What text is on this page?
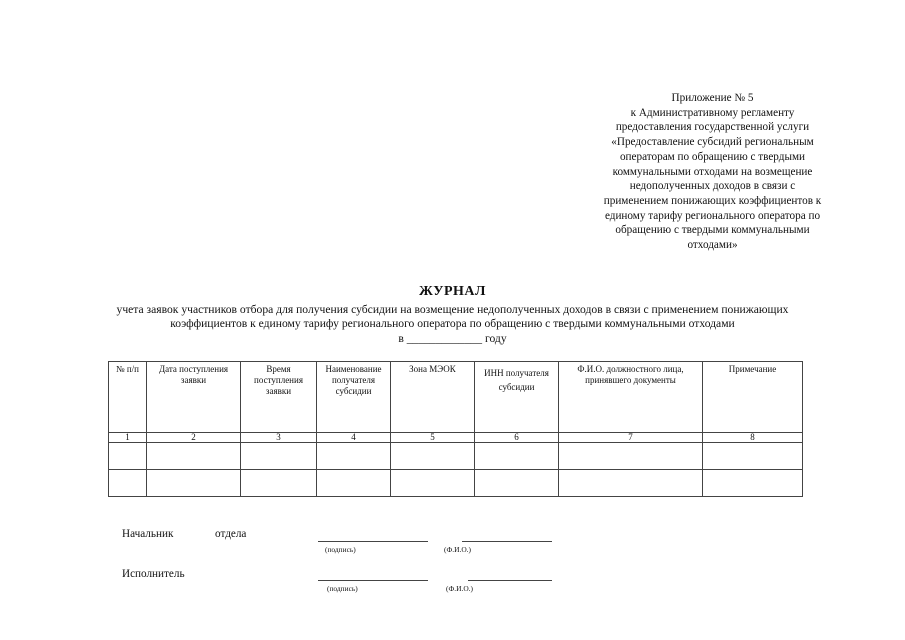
Приложение № 5
к Административному регламенту
предоставления государственной услуги
«Предоставление субсидий региональным
операторам по обращению с твердыми
коммунальными отходами на возмещение
недополученных доходов в связи с
применением понижающих коэффициентов к
единому тарифу регионального оператора по
обращению с твердыми коммунальными
отходами»
ЖУРНАЛ
учета заявок участников отбора для получения субсидии на возмещение недополученных доходов в связи с применением понижающих
коэффициентов к единому тарифу регионального оператора по обращению с твердыми коммунальными отходами
в _____________ году
№ п/п	Дата поступления заявки	Время поступления заявки	Наименование получателя субсидии	Зона МЭОК	ИНН получателя субсидии	Ф.И.О. должностного лица, принявшего документы	Примечание
1	2	3	4	5	6	7	8

Начальник	отдела
(подпись)	(Ф.И.О.)
Исполнитель
(подпись)	(Ф.И.О.)
